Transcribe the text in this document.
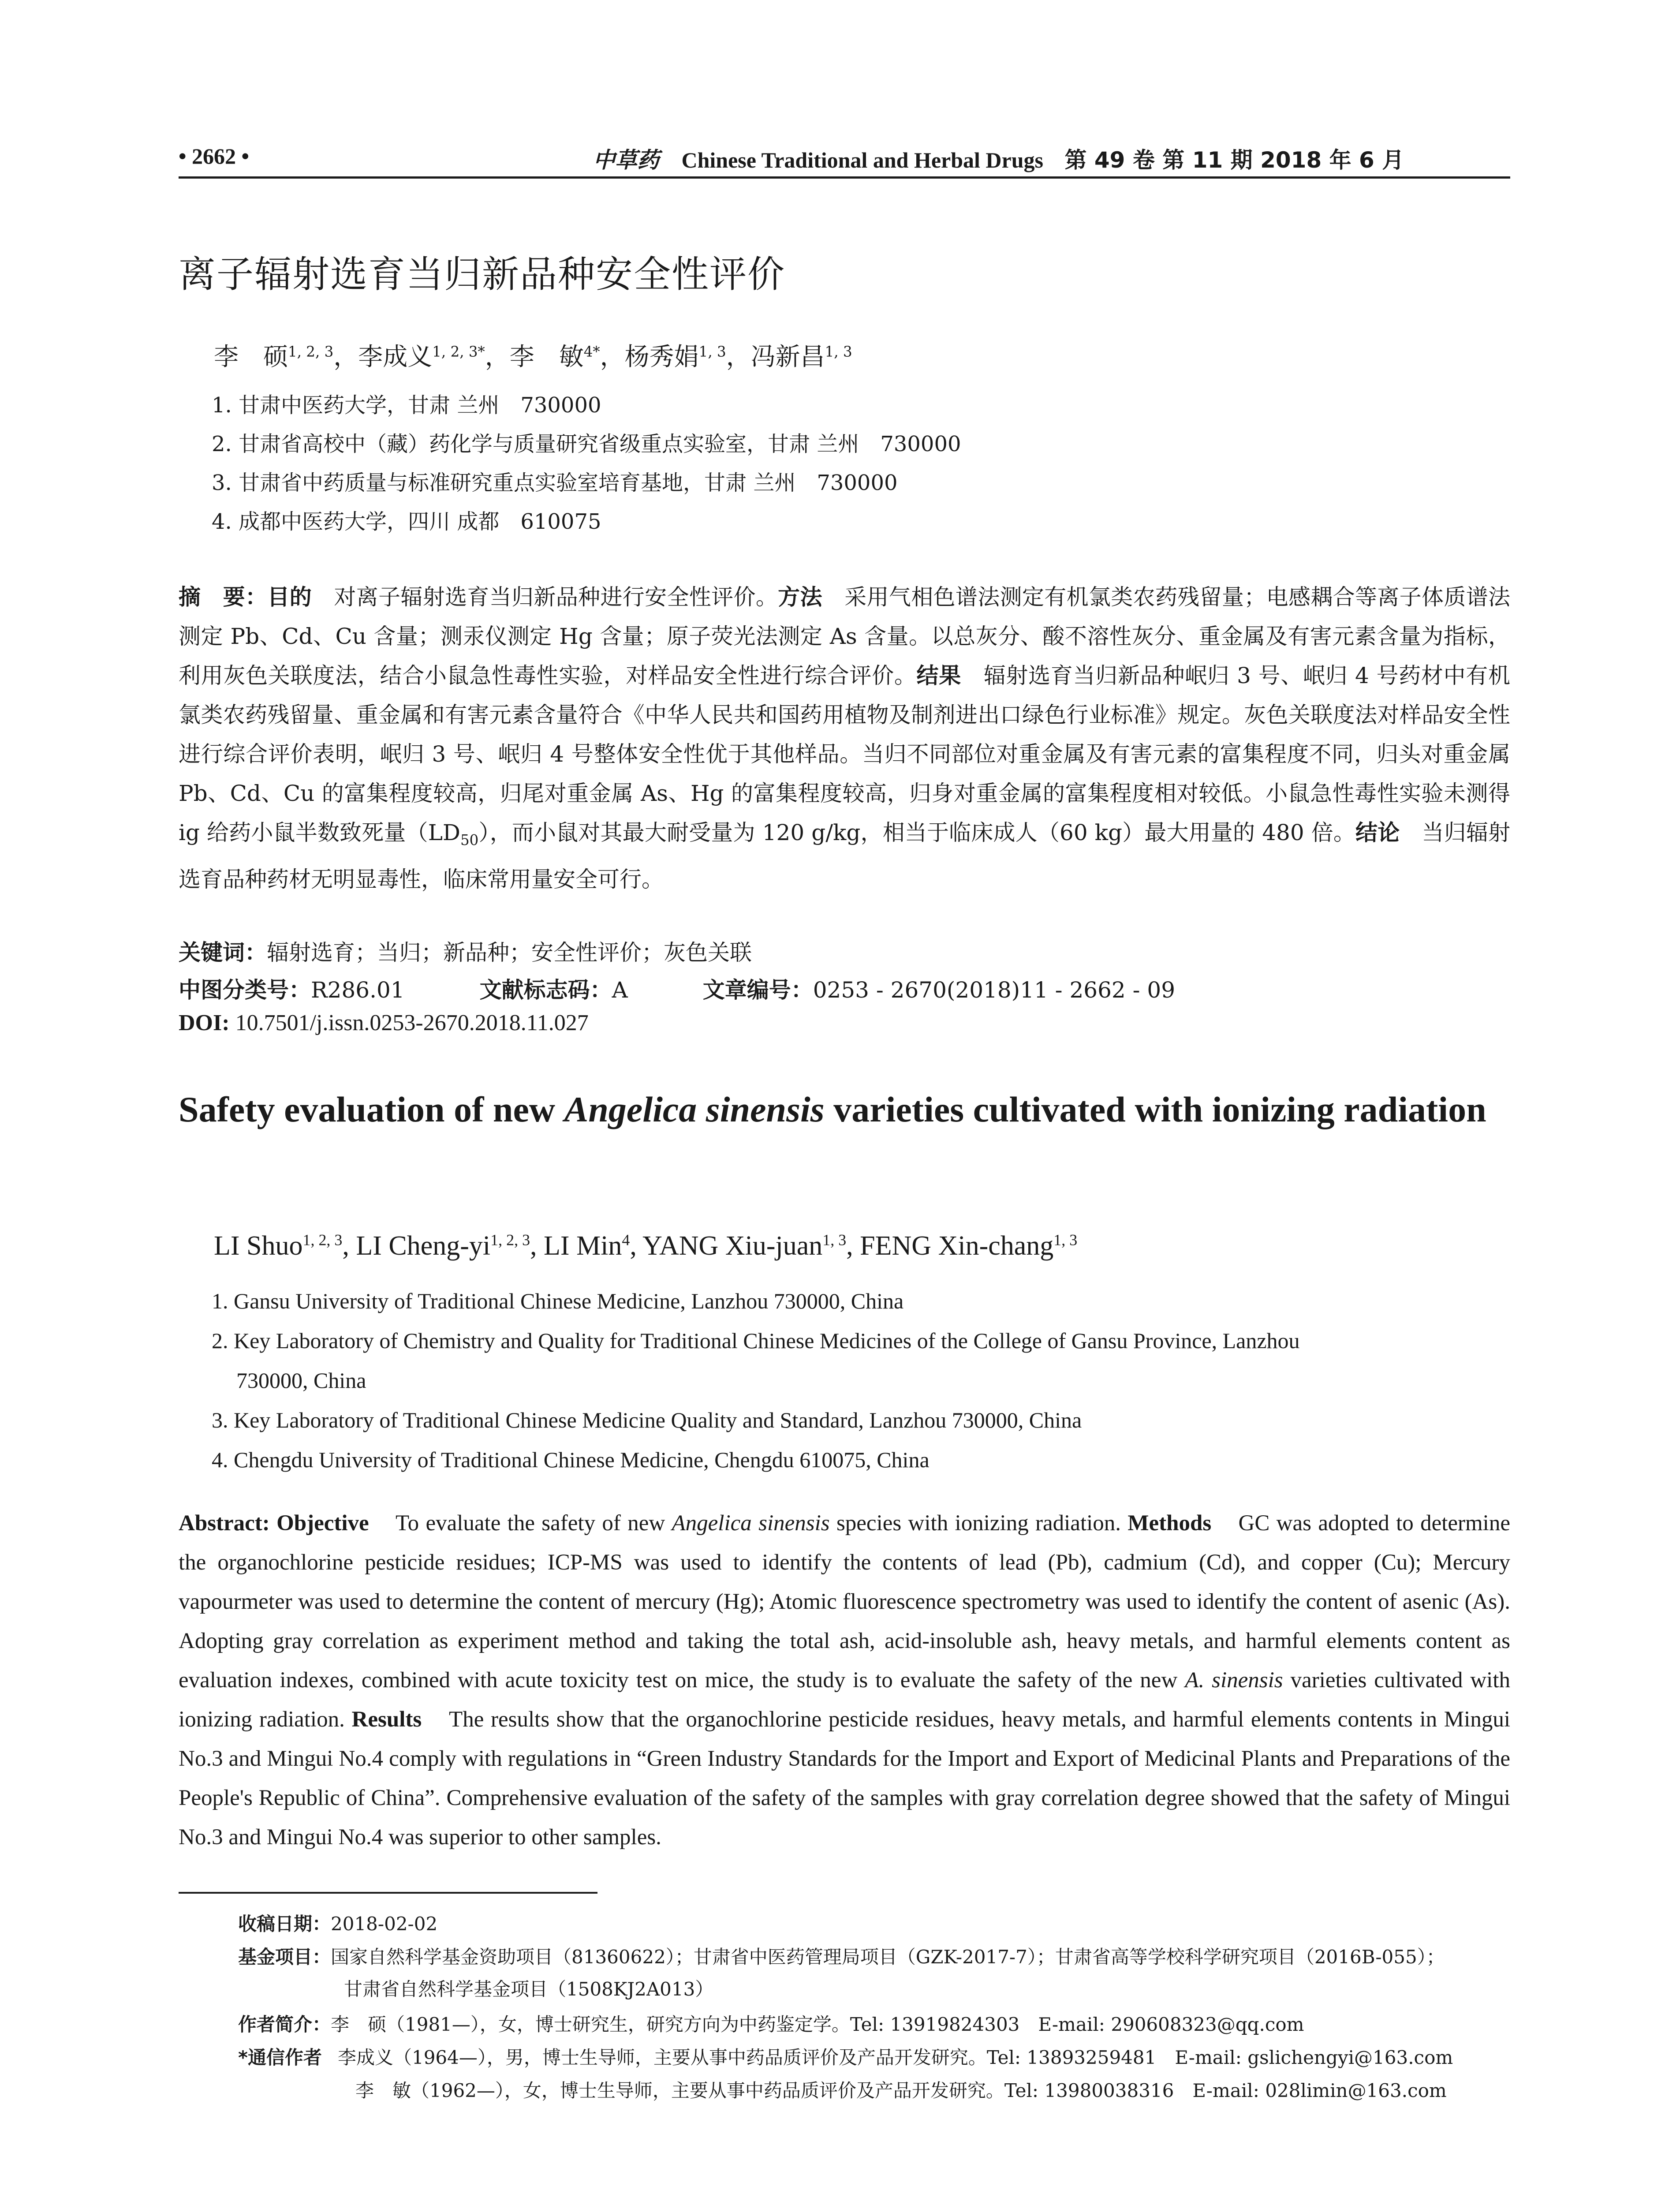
• 2662 •	中草药 Chinese Traditional and Herbal Drugs 第 49 卷 第 11 期 2018 年 6 月
离子辐射选育当归新品种安全性评价
李　硕$^{1, 2, 3}$，李成义$^{1, 2, 3*}$，李　敏$^{4*}$，杨秀娟$^{1, 3}$，冯新昌$^{1, 3}$
1. 甘肃中医药大学，甘肃 兰州　730000
2. 甘肃省高校中（藏）药化学与质量研究省级重点实验室，甘肃 兰州　730000
3. 甘肃省中药质量与标准研究重点实验室培育基地，甘肃 兰州　730000
4. 成都中医药大学，四川 成都　610075
摘　要：目的　对离子辐射选育当归新品种进行安全性评价。方法　采用气相色谱法测定有机氯类农药残留量；电感耦合等离子体质谱法测定 Pb、Cd、Cu 含量；测汞仪测定 Hg 含量；原子荧光法测定 As 含量。以总灰分、酸不溶性灰分、重金属及有害元素含量为指标，利用灰色关联度法，结合小鼠急性毒性实验，对样品安全性进行综合评价。结果　辐射选育当归新品种岷归 3 号、岷归 4 号药材中有机氯类农药残留量、重金属和有害元素含量符合《中华人民共和国药用植物及制剂进出口绿色行业标准》规定。灰色关联度法对样品安全性进行综合评价表明，岷归 3 号、岷归 4 号整体安全性优于其他样品。当归不同部位对重金属及有害元素的富集程度不同，归头对重金属 Pb、Cd、Cu 的富集程度较高，归尾对重金属 As、Hg 的富集程度较高，归身对重金属的富集程度相对较低。小鼠急性毒性实验未测得 ig 给药小鼠半数致死量$(LD_{50})$，而小鼠对其最大耐受量为 120 g/kg，相当于临床成人（60 kg）最大用量的 480 倍。结论　当归辐射选育品种药材无明显毒性，临床常用量安全可行。
关键词：辐射选育；当归；新品种；安全性评价；灰色关联
中图分类号：R286.01	文献标志码：A	文章编号：0253 - 2670(2018)11 - 2662 - 09
DOI: 10.7501/j.issn.0253-2670.2018.11.027
Safety evaluation of new Angelica sinensis varieties cultivated with ionizing radiation
LI Shuo$^{1, 2, 3}$, LI Cheng-yi$^{1, 2, 3}$, LI Min$^4$, YANG Xiu-juan$^{1, 3}$, FENG Xin-chang$^{1, 3}$
1. Gansu University of Traditional Chinese Medicine, Lanzhou 730000, China
2. Key Laboratory of Chemistry and Quality for Traditional Chinese Medicines of the College of Gansu Province, Lanzhou
730000, China
3. Key Laboratory of Traditional Chinese Medicine Quality and Standard, Lanzhou 730000, China
4. Chengdu University of Traditional Chinese Medicine, Chengdu 610075, China
Abstract: Objective    To evaluate the safety of new Angelica sinensis species with ionizing radiation. Methods    GC was adopted to determine the organochlorine pesticide residues; ICP-MS was used to identify the contents of lead (Pb), cadmium (Cd), and copper (Cu); Mercury vapourmeter was used to determine the content of mercury (Hg); Atomic fluorescence spectrometry was used to identify the content of asenic (As). Adopting gray correlation as experiment method and taking the total ash, acid-insoluble ash, heavy metals, and harmful elements content as evaluation indexes, combined with acute toxicity test on mice, the study is to evaluate the safety of the new A. sinensis varieties cultivated with ionizing radiation. Results    The results show that the organochlorine pesticide residues, heavy metals, and harmful elements contents in Mingui No.3 and Mingui No.4 comply with regulations in “Green Industry Standards for the Import and Export of Medicinal Plants and Preparations of the People's Republic of China”. Comprehensive evaluation of the safety of the samples with gray correlation degree showed that the safety of Mingui No.3 and Mingui No.4 was superior to other samples.
收稿日期：2018-02-02
基金项目：国家自然科学基金资助项目（81360622）；甘肃省中医药管理局项目（GZK-2017-7）；甘肃省高等学校科学研究项目（2016B-055）；
甘肃省自然科学基金项目（1508KJ2A013）
作者简介：李　硕（1981—），女，博士研究生，研究方向为中药鉴定学。Tel: 13919824303　E-mail: 290608323@qq.com
*通信作者 李成义（1964—），男，博士生导师，主要从事中药品质评价及产品开发研究。Tel: 13893259481　E-mail: gslichengyi@163.com
李　敏（1962—），女，博士生导师，主要从事中药品质评价及产品开发研究。Tel: 13980038316　E-mail: 028limin@163.com
